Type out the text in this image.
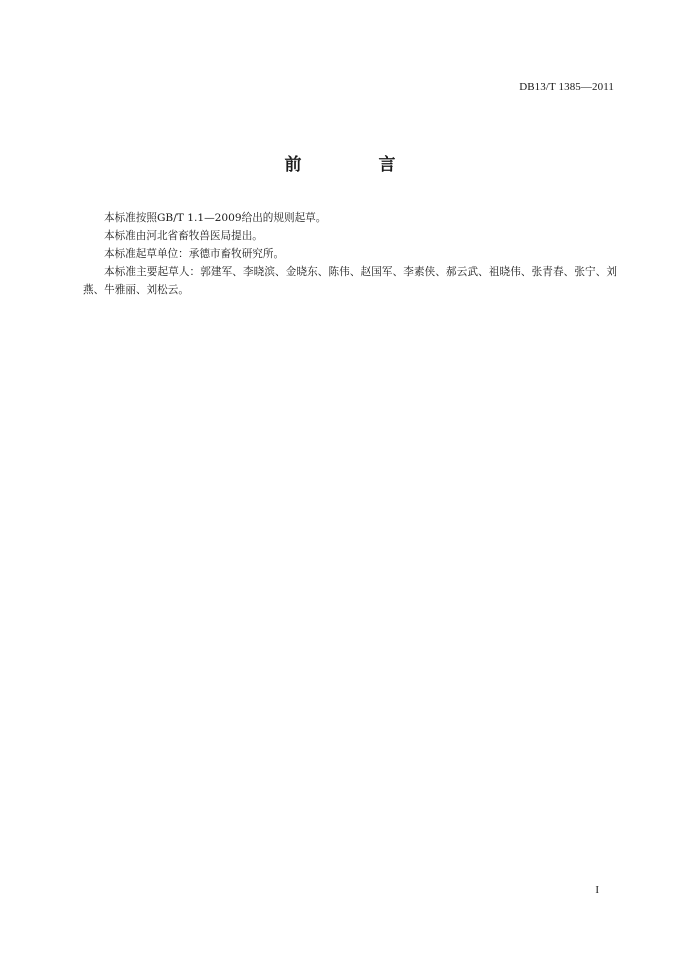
DB13/T 1385—2011
前　言

本标准按照GB/T 1.1—2009给出的规则起草。

本标准由河北省畜牧兽医局提出。

本标准起草单位：承德市畜牧研究所。

本标准主要起草人：郭建军、李晓滨、金晓东、陈伟、赵国军、李素侠、郝云武、祖晓伟、张青春、张宁、刘燕、牛雅丽、刘松云。

I
